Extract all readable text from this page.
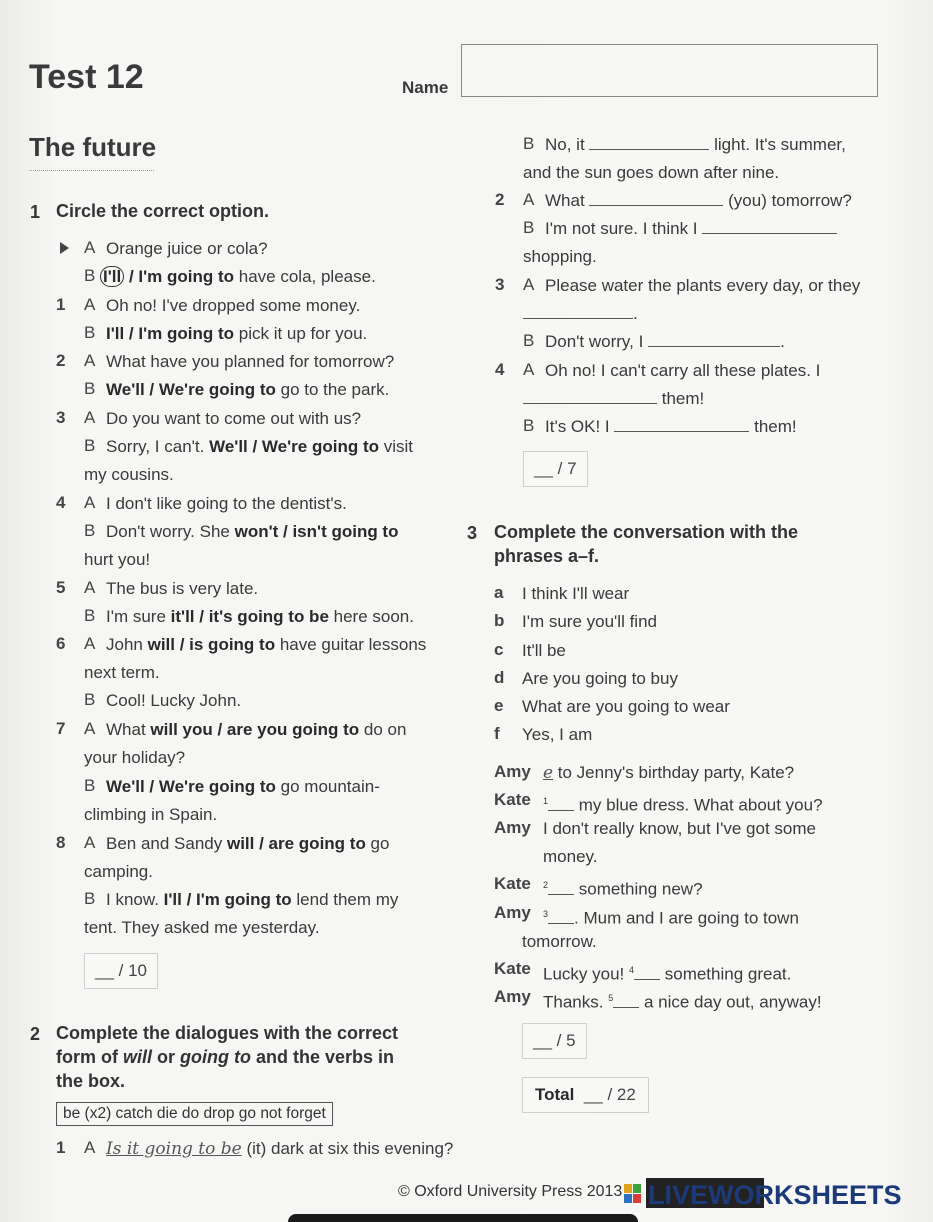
Test 12	Name
The future
1 Circle the correct option.
A Orange juice or cola?
B I'll / I'm going to have cola, please.
1 A Oh no! I've dropped some money.
B I'll / I'm going to pick it up for you.
2 A What have you planned for tomorrow?
B We'll / We're going to go to the park.
3 A Do you want to come out with us?
B Sorry, I can't. We'll / We're going to visit
my cousins.
4 A I don't like going to the dentist's.
B Don't worry. She won't / isn't going to
hurt you!
5 A The bus is very late.
B I'm sure it'll / it's going to be here soon.
6 A John will / is going to have guitar lessons
next term.
B Cool! Lucky John.
7 A What will you / are you going to do on
your holiday?
B We'll / We're going to go mountain-
climbing in Spain.
8 A Ben and Sandy will / are going to go
camping.
B I know. I'll / I'm going to lend them my
tent. They asked me yesterday.
__ / 10
2 Complete the dialogues with the correct
form of will or going to and the verbs in
the box.
be (x2) catch die do drop go not forget
1 A Is it going to be (it) dark at six this evening?
B No, it	light. It's summer,
and the sun goes down after nine.
2 A What	(you) tomorrow?
B I'm not sure. I think I
shopping.
3 A Please water the plants every day, or they
.
B Don't worry, I	.
4 A Oh no! I can't carry all these plates. I
them!
B It's OK! I	them!
__ / 7
3 Complete the conversation with the
phrases a–f.
a I think I'll wear
b I'm sure you'll find
c It'll be
d Are you going to buy
e What are you going to wear
f Yes, I am
Amy e to Jenny's birthday party, Kate?
Kate $^1$ my blue dress. What about you?
Amy I don't really know, but I've got some
money.
Kate $^2$ something new?
Amy $^3$ . Mum and I are going to town
tomorrow.
Kate Lucky you! $^4$ something great.
Amy Thanks. $^5$ a nice day out, anyway!
__ / 5
Total __ / 22
© Oxford University Press 2013 LIVEWORKSHEETS
